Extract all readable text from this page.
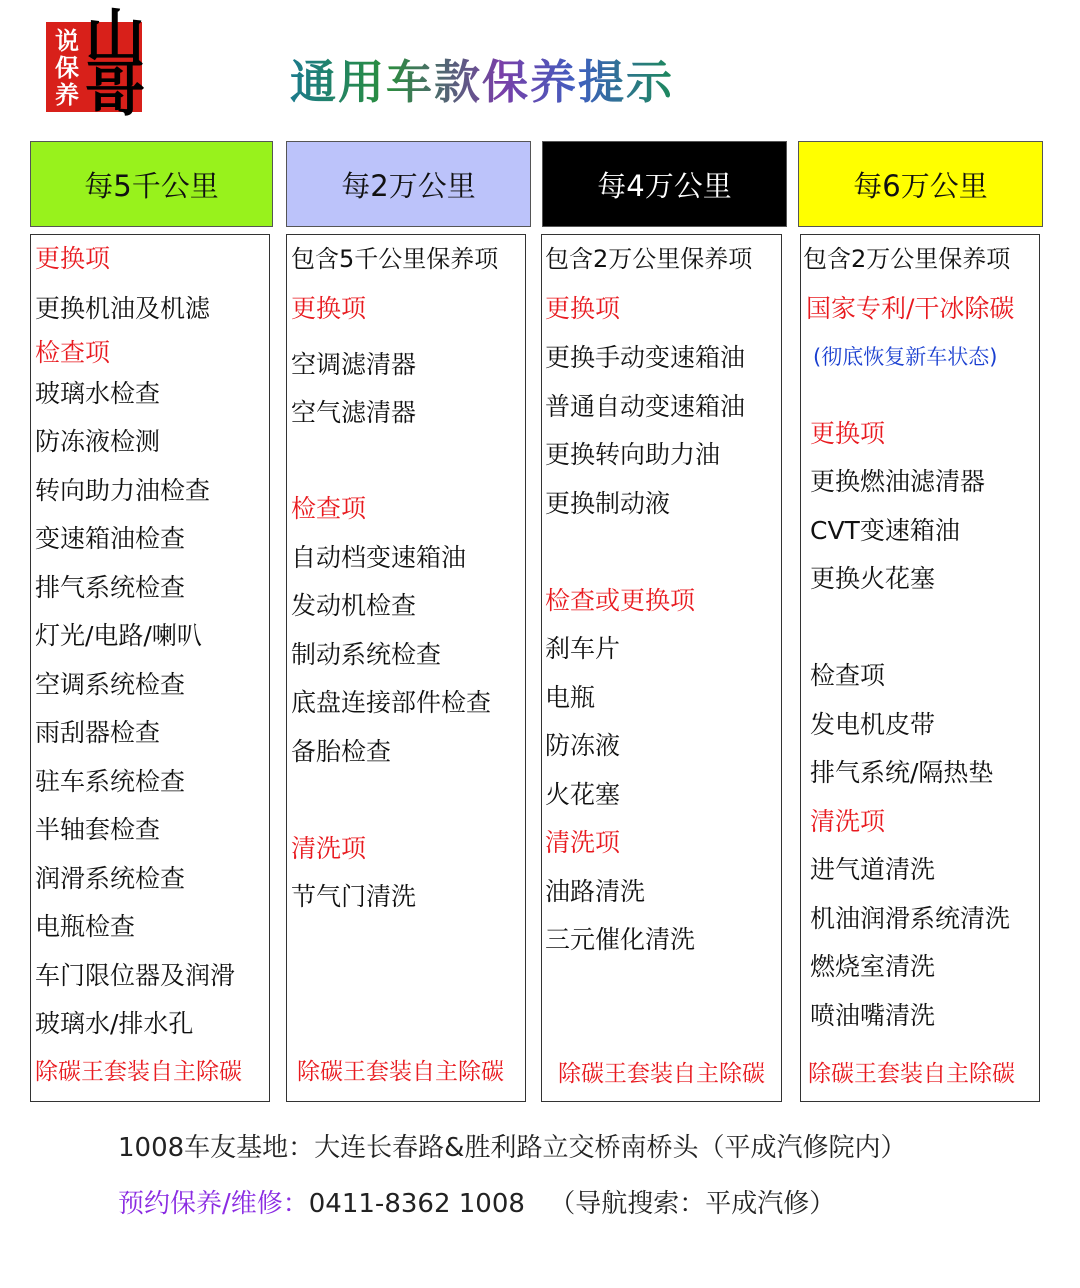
说保养
山哥	通用车款保养提示
每5千公里
更换项
更换机油及机滤
检查项
玻璃水检查
防冻液检测
转向助力油检查
变速箱油检查
排气系统检查
灯光/电路/喇叭
空调系统检查
雨刮器检查
驻车系统检查
半轴套检查
润滑系统检查
电瓶检查
车门限位器及润滑
玻璃水/排水孔
除碳王套装自主除碳
每2万公里
包含5千公里保养项
更换项
空调滤清器
空气滤清器
检查项
自动档变速箱油
发动机检查
制动系统检查
底盘连接部件检查
备胎检查
清洗项
节气门清洗
除碳王套装自主除碳
每4万公里
包含2万公里保养项
更换项
更换手动变速箱油
普通自动变速箱油
更换转向助力油
更换制动液
检查或更换项
刹车片
电瓶
防冻液
火花塞
清洗项
油路清洗
三元催化清洗
除碳王套装自主除碳
每6万公里
包含2万公里保养项
国家专利/干冰除碳
(彻底恢复新车状态)
更换项
更换燃油滤清器
CVT变速箱油
更换火花塞
检查项
发电机皮带
排气系统/隔热垫
清洗项
进气道清洗
机油润滑系统清洗
燃烧室清洗
喷油嘴清洗
除碳王套装自主除碳
1008车友基地：大连长春路&胜利路立交桥南桥头（平成汽修院内）
预约保养/维修：0411-8362 1008 （导航搜索：平成汽修）
